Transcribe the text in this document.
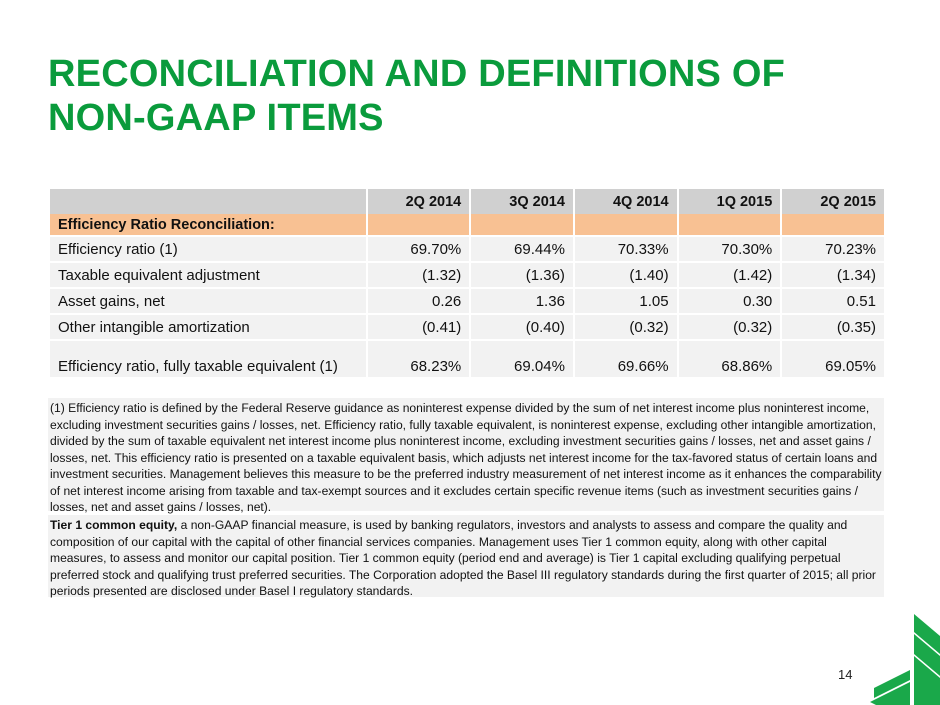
RECONCILIATION AND DEFINITIONS OF
NON-GAAP ITEMS
	2Q 2014	3Q 2014	4Q 2014	1Q 2015	2Q 2015
Efficiency Ratio Reconciliation:					
Efficiency ratio (1)	69.70%	69.44%	70.33%	70.30%	70.23%
Taxable equivalent adjustment	(1.32)	(1.36)	(1.40)	(1.42)	(1.34)
Asset gains, net	0.26	1.36	1.05	0.30	0.51
Other intangible amortization	(0.41)	(0.40)	(0.32)	(0.32)	(0.35)
Efficiency ratio, fully taxable equivalent (1)	68.23%	69.04%	69.66%	68.86%	69.05%
(1) Efficiency ratio is defined by the Federal Reserve guidance as noninterest expense divided by the sum of net interest income plus noninterest income, excluding investment securities gains / losses, net. Efficiency ratio, fully taxable equivalent, is noninterest expense, excluding other intangible amortization, divided by the sum of taxable equivalent net interest income plus noninterest income, excluding investment securities gains / losses, net and asset gains / losses, net. This efficiency ratio is presented on a taxable equivalent basis, which adjusts net interest income for the tax-favored status of certain loans and investment securities. Management believes this measure to be the preferred industry measurement of net interest income as it enhances the comparability of net interest income arising from taxable and tax-exempt sources and it excludes certain specific revenue items (such as investment securities gains / losses, net and asset gains / losses, net).
Tier 1 common equity, a non-GAAP financial measure, is used by banking regulators, investors and analysts to assess and compare the quality and composition of our capital with the capital of other financial services companies. Management uses Tier 1 common equity, along with other capital measures, to assess and monitor our capital position. Tier 1 common equity (period end and average) is Tier 1 capital excluding qualifying perpetual preferred stock and qualifying trust preferred securities. The Corporation adopted the Basel III regulatory standards during the first quarter of 2015; all prior periods presented are disclosed under Basel I regulatory standards.
14
